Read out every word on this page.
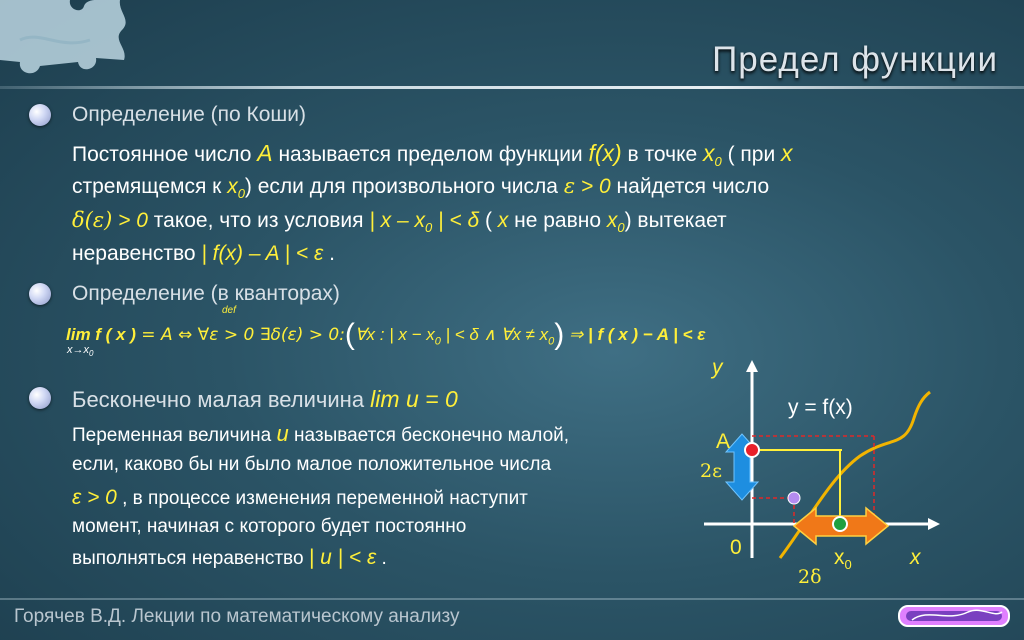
Предел функции
Определение (по Коши)
Постоянное число A называется пределом функции f(x) в точке $x_0$ ( при x
стремящемся к $x_0$) если для произвольного числа ε > 0 найдется число
δ(ε) > 0 такое, что из условия | x – $x_0$ | < δ ( x не равно $x_0$) вытекает
неравенство | f(x) – A | < ε .
Определение (в кванторах)
def
lim f ( x ) = A ⇔ ∀ε > 0 ∃δ(ε) > 0:(∀x : | $x - x_0$ | < δ ∧ ∀x ≠ $x_0$) ⇒ | f ( x ) − A | < ε
$x\to x_0$
Бесконечно малая величина lim u = 0
Переменная величина u называется бесконечно малой,
если, каково бы ни было малое положительное числа
ε > 0 , в процессе изменения переменной наступит
момент, начиная с которого будет постоянно
выполняться неравенство | u | < ε .
y
y = f(x)
A
2ε
0	$x_0$	x
2δ
Горячев В.Д. Лекции по математическому анализу
